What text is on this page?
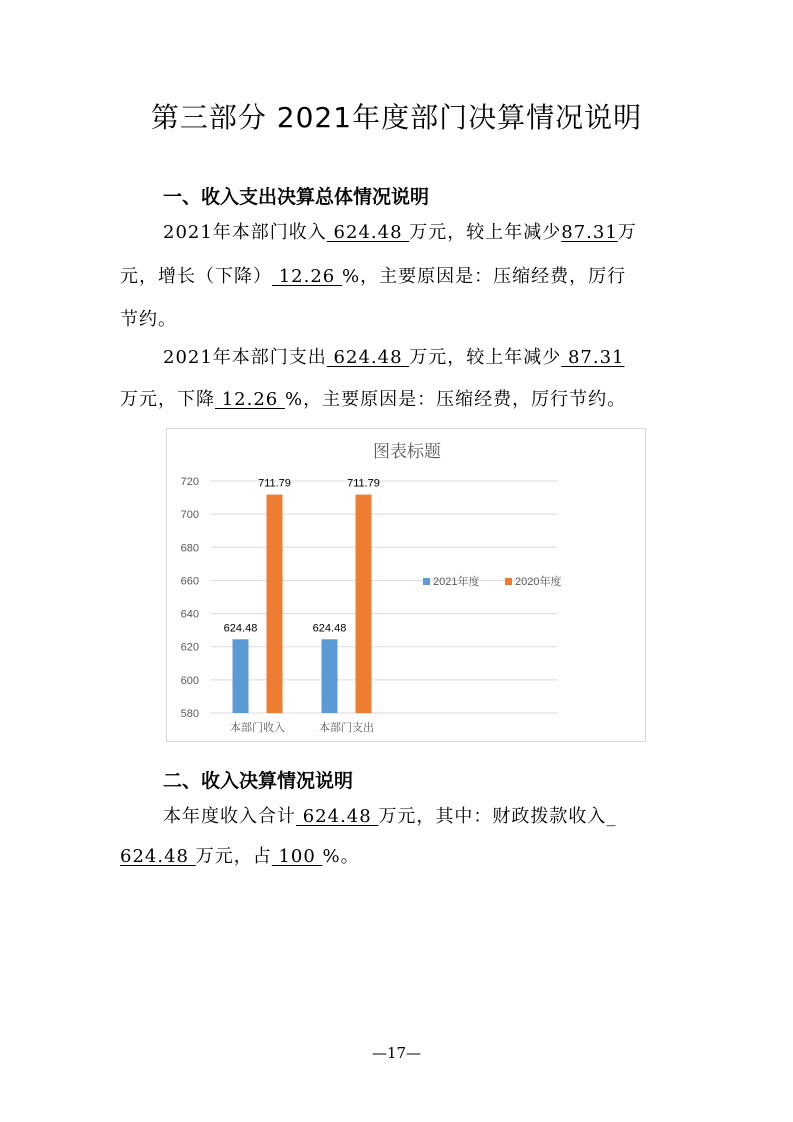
第三部分 2021年度部门决算情况说明
一、收入支出决算总体情况说明
2021年本部门收入 624.48 万元，较上年减少87.31万
元，增长（下降） 12.26 %，主要原因是：压缩经费，厉行
节约。
2021年本部门支出 624.48 万元，较上年减少 87.31
万元，下降 12.26 %，主要原因是：压缩经费，厉行节约。
图表标题
580
600
620
640
660
680
700
720
624.48
711.79
本部门收入
624.48
711.79
本部门支出
2021年度	2020年度
二、收入决算情况说明
本年度收入合计 624.48 万元，其中：财政拨款收入_
624.48 万元，占 100 %。
—17—
